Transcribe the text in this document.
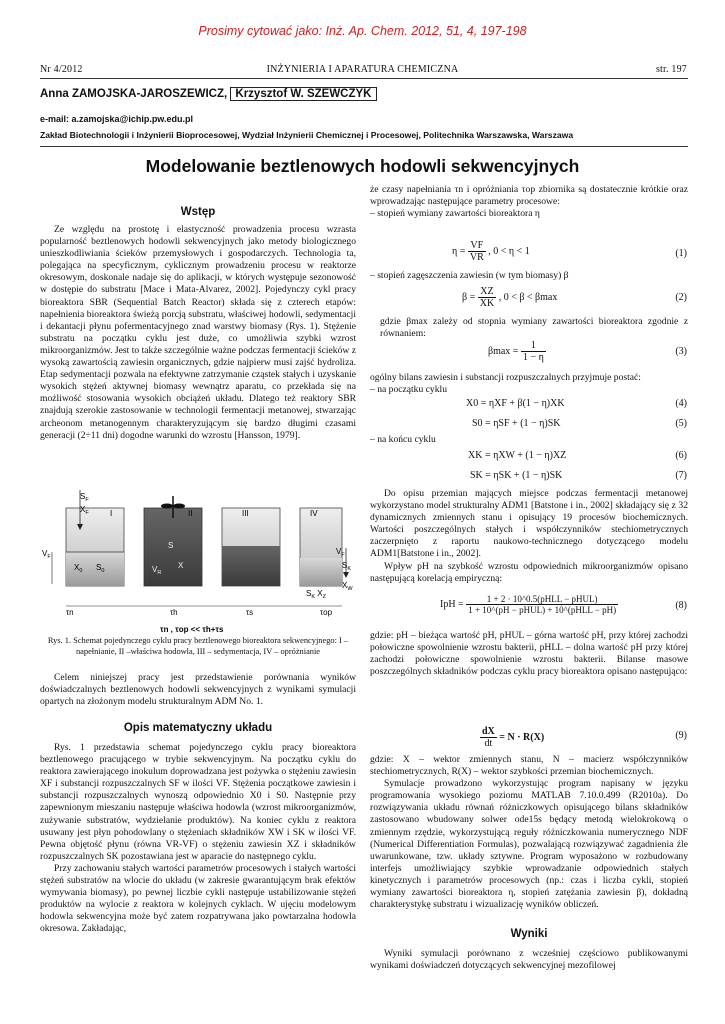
Prosimy cytować jako: Inż. Ap. Chem. 2012, 51, 4, 197-198
Nr 4/2012	INŻYNIERIA I APARATURA CHEMICZNA	str. 197
Anna ZAMOJSKA-JAROSZEWICZ, Krzysztof W. SZEWCZYK
e-mail: a.zamojska@ichip.pw.edu.pl
Zakład Biotechnologii i Inżynierii Bioprocesowej, Wydział Inżynierii Chemicznej i Procesowej, Politechnika Warszawska, Warszawa
Modelowanie beztlenowych hodowli sekwencyjnych
Wstęp

Ze względu na prostotę i elastyczność prowadzenia procesu wzrasta popularność beztlenowych hodowli sekwencyjnych jako metody biologicznego unieszkodliwiania ścieków przemysłowych i gospodarczych. Technologia ta, polegająca na specyficznym, cyklicznym prowadzeniu procesu w reaktorze okresowym, doskonale nadaje się do aplikacji, w których występuje sezonowość w dostępie do substratu [Mace i Mata-Alvarez, 2002]. Pojedynczy cykl pracy bioreaktora SBR (Sequential Batch Reactor) składa się z czterech etapów: napełnienia bioreaktora świeżą porcją substratu, właściwej hodowli, sedymentacji i dekantacji płynu pofermentacyjnego znad warstwy biomasy (Rys. 1). Stężenie substratu na początku cyklu jest duże, co umożliwia szybki wzrost mikroorganizmów. Jest to także szczególnie ważne podczas fermentacji ścieków z wysoką zawartością zawiesin organicznych, gdzie najpierw musi zajść hydroliza. Etap sedymentacji pozwala na efektywne zatrzymanie cząstek stałych i uzyskanie wysokich stężeń aktywnej biomasy wewnątrz aparatu, co przekłada się na możliwość stosowania wysokich obciążeń układu. Dlatego też reaktory SBR znajdują szerokie zastosowanie w technologii fermentacji metanowej, stwarzając archeonom metanogennym charakteryzującym się bardzo długimi czasami generacji (2÷11 dni) dogodne warunki do wzrostu [Hansson, 1979].

$S_F$
$X_F$	I	II	III	IV
$V_F$
$X_0$ $S_0$
S
X
$V_R$
$V_F$
$S_K$
$X_W$
$S_K$ $X_Z$
τn	τh	τs	τop
τn , τop << τh+τs
Rys. 1. Schemat pojedynczego cyklu pracy beztlenowego bioreaktora sekwencyjnego: I – napełnianie, II –właściwa hodowla, III – sedymentacja, IV – opróżnianie

Celem niniejszej pracy jest przedstawienie porównania wyników doświadczalnych beztlenowych hodowli sekwencyjnych z wynikami symulacji opartych na złożonym modelu strukturalnym ADM No. 1.

Opis matematyczny układu

Rys. 1 przedstawia schemat pojedynczego cyklu pracy bioreaktora beztlenowego pracującego w trybie sekwencyjnym. Na początku cyklu do reaktora zawierającego inokulum doprowadzana jest pożywka o stężeniu zawiesin XF i substancji rozpuszczalnych SF w ilości VF. Stężenia początkowe zawiesin i substancji rozpuszczalnych wynoszą odpowiednio X0 i S0. Następnie przy zapewnionym mieszaniu następuje właściwa hodowla (wzrost mikroorganizmów, zużywanie substratów, wydzielanie produktów). Na koniec cyklu z reaktora usuwany jest płyn pohodowlany o stężeniach składników XW i SK w ilości VF. Pewna objętość płynu (równa VR-VF) o stężeniu zawiesin XZ i składników rozpuszczalnych SK pozostawiana jest w aparacie do następnego cyklu.

Przy zachowaniu stałych wartości parametrów procesowych i stałych wartości stężeń substratów na wlocie do układu (w zakresie gwarantującym brak efektów wymywania biomasy), po pewnej liczbie cykli następuje ustabilizowanie stężeń produktów na wylocie z reaktora w kolejnych cyklach. W ujęciu modelowym hodowla sekwencyjna może być zatem rozpatrywana jako powtarzalna hodowla okresowa. Zakładając,

że czasy napełniania τn i opróżniania τop zbiornika są dostatecznie krótkie oraz wprowadzając następujące parametry procesowe:

– stopień wymiany zawartości bioreaktora η
$\eta = \frac{VF}{VR}$ , 0 < η < 1	(1)
– stopień zagęszczenia zawiesin (w tym biomasy) β
$\beta = \frac{XZ}{XK}$ , 0 < β < βmax	(2)
gdzie βmax zależy od stopnia wymiany zawartości bioreaktora zgodnie z równaniem:
$\beta\max = \frac{1}{1 - \eta}$	(3)
ogólny bilans zawiesin i substancji rozpuszczalnych przyjmuje postać:
– na początku cyklu
X0 = ηXF + β(1 − η)XK	(4)
S0 = ηSF + (1 − η)SK	(5)
– na końcu cyklu
XK = ηXW + (1 − η)XZ	(6)
SK = ηSK + (1 − η)SK	(7)

Do opisu przemian mających miejsce podczas fermentacji metanowej wykorzystano model strukturalny ADM1 [Batstone i in., 2002] składający się z 32 dynamicznych zmiennych stanu i opisujący 19 procesów biochemicznych. Wartości poszczególnych stałych i współczynników stechiometrycznych zaczerpnięto z raportu naukowo-technicznego dotyczącego modelu ADM1[Batstone i in., 2002].

Wpływ pH na szybkość wzrostu odpowiednich mikroorganizmów opisano następującą korelacją empiryczną:

IpH = $\frac{\text{1 + 2 · 10\textasciicircum{}0.5(pHLL − pHUL)}}{\text{1 + 10\textasciicircum{}(pH − pHUL) + 10\textasciicircum{}(pHLL − pH)}}$	(8)
gdzie: pH – bieżąca wartość pH, pHUL – górna wartość pH, przy której zachodzi połowiczne spowolnienie wzrostu bakterii, pHLL – dolna wartość pH przy której zachodzi połowiczne spowolnienie wzrostu bakterii. Bilanse masowe poszczególnych składników podczas cyklu pracy bioreaktora opisano następująco:
$\frac{dX}{dt} = N \cdot R(X)$	(9)

gdzie: X – wektor zmiennych stanu, N – macierz współczynników stechiometrycznych, R(X) – wektor szybkości przemian biochemicznych.

Symulacje prowadzono wykorzystując program napisany w języku programowania wysokiego poziomu MATLAB 7.10.0.499 (R2010a). Do rozwiązywania układu równań różniczkowych opisującego bilans składników zastosowano wbudowany solwer ode15s będący metodą wielokrokową o zmiennym rzędzie, wykorzystującą reguły różniczkowania numerycznego NDF (Numerical Differentiation Formulas), pozwalającą rozwiązywać zagadnienia źle uwarunkowane, tzw. układy sztywne. Program wyposażono w rozbudowany interfejs umożliwiający szybkie wprowadzanie odpowiednich stałych kinetycznych i parametrów procesowych (np.: czas i liczba cykli, stopień wymiany zawartości bioreaktora η, stopień zatężania zawiesin β), dokładną charakterystykę substratu i wizualizację wyników obliczeń.

Wyniki

Wyniki symulacji porównano z wcześniej częściowo publikowanymi wynikami doświadczeń dotyczących sekwencyjnej mezofilowej
